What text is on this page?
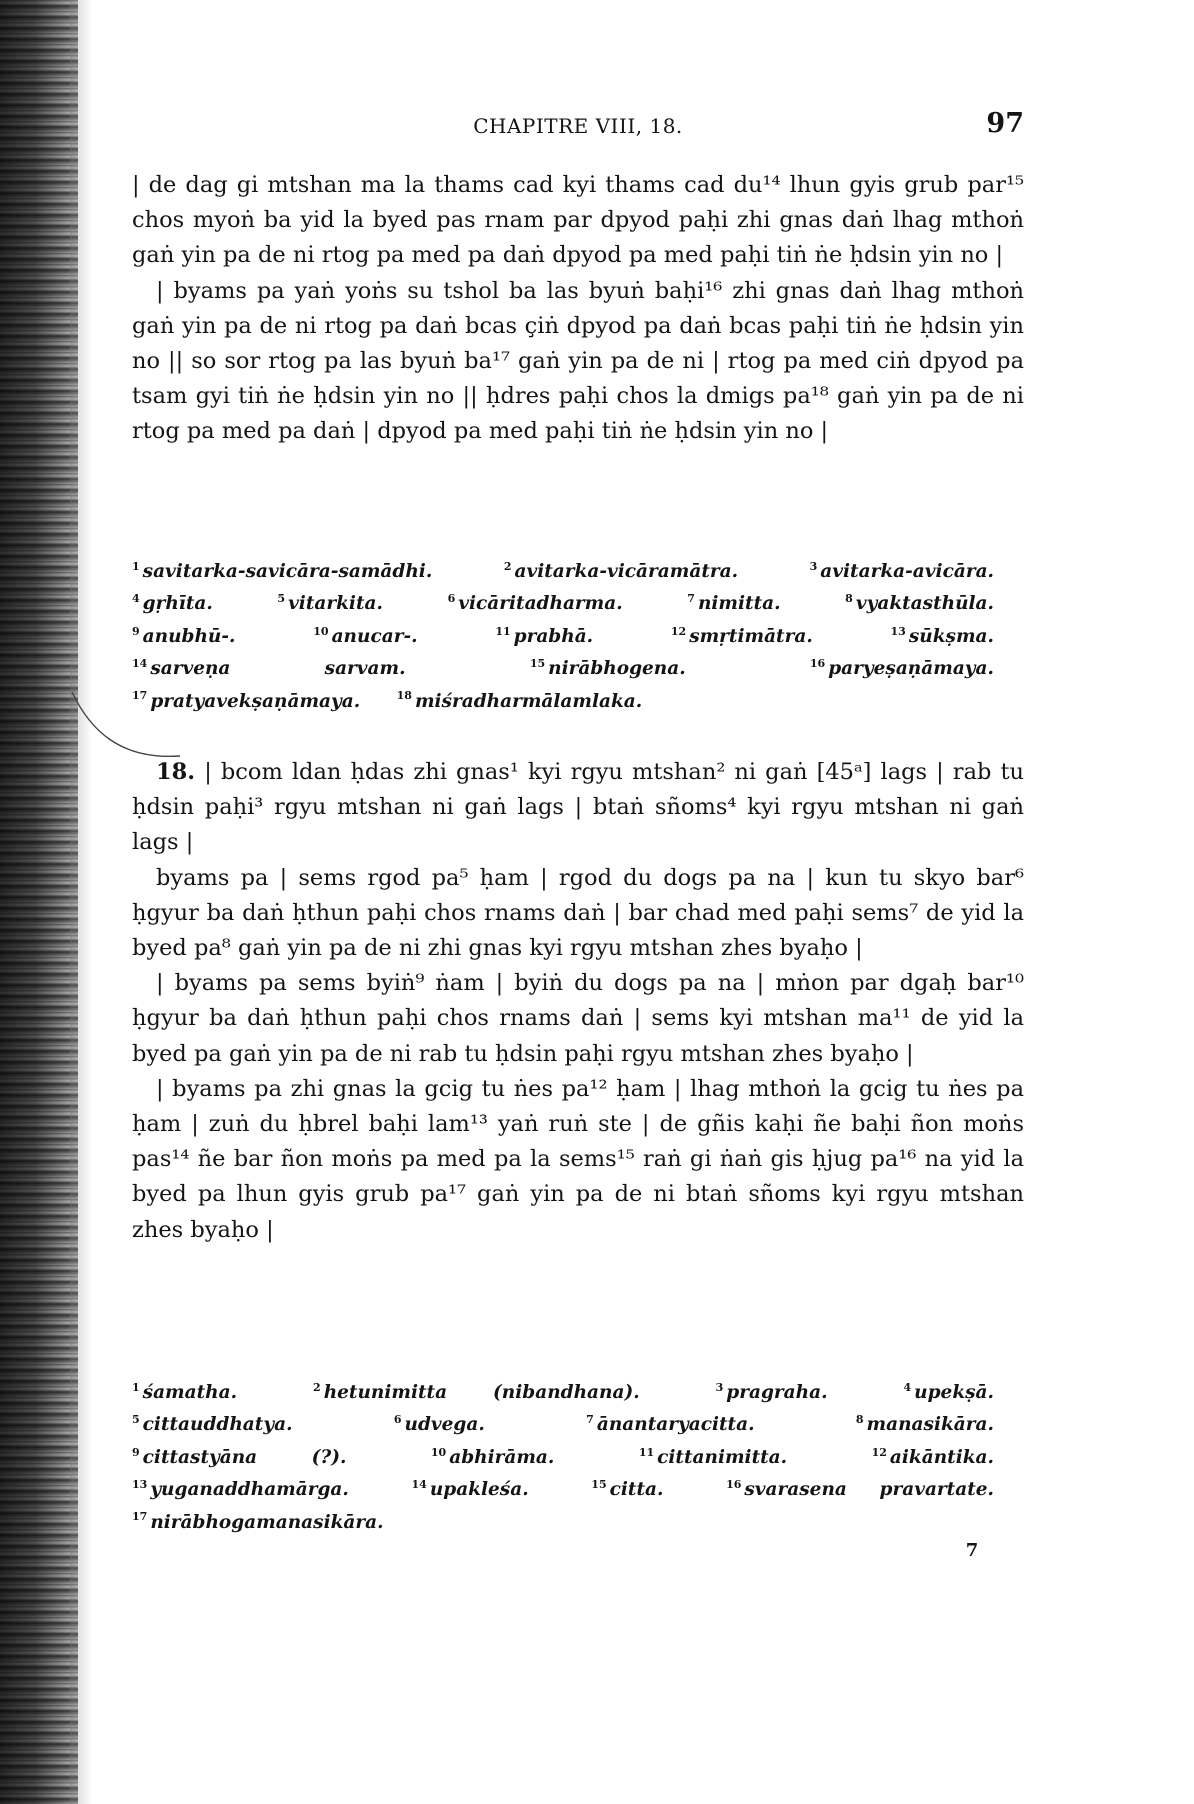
CHAPITRE VIII, 18.	97

| de dag gi mtshan ma la thams cad kyi thams cad du¹⁴ lhun gyis grub par¹⁵ chos myoṅ ba yid la byed pas rnam par dpyod paḥi zhi gnas daṅ lhag mthoṅ gaṅ yin pa de ni rtog pa med pa daṅ dpyod pa med paḥi tiṅ ṅe ḥdsin yin no |

| byams pa yaṅ yoṅs su tshol ba las byuṅ baḥi¹⁶ zhi gnas daṅ lhag mthoṅ gaṅ yin pa de ni rtog pa daṅ bcas çiṅ dpyod pa daṅ bcas paḥi tiṅ ṅe ḥdsin yin no || so sor rtog pa las byuṅ ba¹⁷ gaṅ yin pa de ni | rtog pa med ciṅ dpyod pa tsam gyi tiṅ ṅe ḥdsin yin no || ḥdres paḥi chos la dmigs pa¹⁸ gaṅ yin pa de ni rtog pa med pa daṅ | dpyod pa med paḥi tiṅ ṅe ḥdsin yin no |

$^1$ savitarka-savicāra-samādhi.	$^2$ avitarka-vicāramātra.	$^3$ avitarka-avicāra. $^4$ gṛhīta.	$^5$ vitarkita.	$^6$ vicāritadharma.	$^7$ nimitta.	$^8$ vyaktasthūla. $^9$ anubhū-.	$^{10}$ anucar-.	$^{11}$ prabhā.	$^{12}$ smṛtimātra.	$^{13}$ sūkṣma. $^{14}$ sarveṇa sarvam.	$^{15}$ nirābhogena.	$^{16}$ paryeṣaṇāmaya. $^{17}$ pratyavekṣaṇāmaya.	$^{18}$ miśradharmālamlaka.

18. | bcom ldan ḥdas zhi gnas¹ kyi rgyu mtshan² ni gaṅ [45ᵃ] lags | rab tu ḥdsin paḥi³ rgyu mtshan ni gaṅ lags | btaṅ sñoms⁴ kyi rgyu mtshan ni gaṅ lags |

byams pa | sems rgod pa⁵ ḥam | rgod du dogs pa na | kun tu skyo bar⁶ ḥgyur ba daṅ ḥthun paḥi chos rnams daṅ | bar chad med paḥi sems⁷ de yid la byed pa⁸ gaṅ yin pa de ni zhi gnas kyi rgyu mtshan zhes byaḥo |

| byams pa sems byiṅ⁹ ṅam | byiṅ du dogs pa na | mṅon par dgaḥ bar¹⁰ ḥgyur ba daṅ ḥthun paḥi chos rnams daṅ | sems kyi mtshan ma¹¹ de yid la byed pa gaṅ yin pa de ni rab tu ḥdsin paḥi rgyu mtshan zhes byaḥo |

| byams pa zhi gnas la gcig tu ṅes pa¹² ḥam | lhag mthoṅ la gcig tu ṅes pa ḥam | zuṅ du ḥbrel baḥi lam¹³ yaṅ ruṅ ste | de gñis kaḥi ñe baḥi ñon moṅs pas¹⁴ ñe bar ñon moṅs pa med pa la sems¹⁵ raṅ gi ṅaṅ gis ḥjug pa¹⁶ na yid la byed pa lhun gyis grub pa¹⁷ gaṅ yin pa de ni btaṅ sñoms kyi rgyu mtshan zhes byaḥo |

$^1$ śamatha.	$^2$ hetunimitta (nibandhana).	$^3$ pragraha.	$^4$ upekṣā. $^5$ cittauddhatya.	$^6$ udvega.	$^7$ ānantaryacitta.	$^8$ manasikāra. $^9$ cittastyāna (?).	$^{10}$ abhirāma.	$^{11}$ cittanimitta.	$^{12}$ aikāntika. $^{13}$ yuganaddhamārga.	$^{14}$ upakleśa.	$^{15}$ citta.	$^{16}$ svarasena pravartate. $^{17}$ nirābhogamanasikāra.
7
